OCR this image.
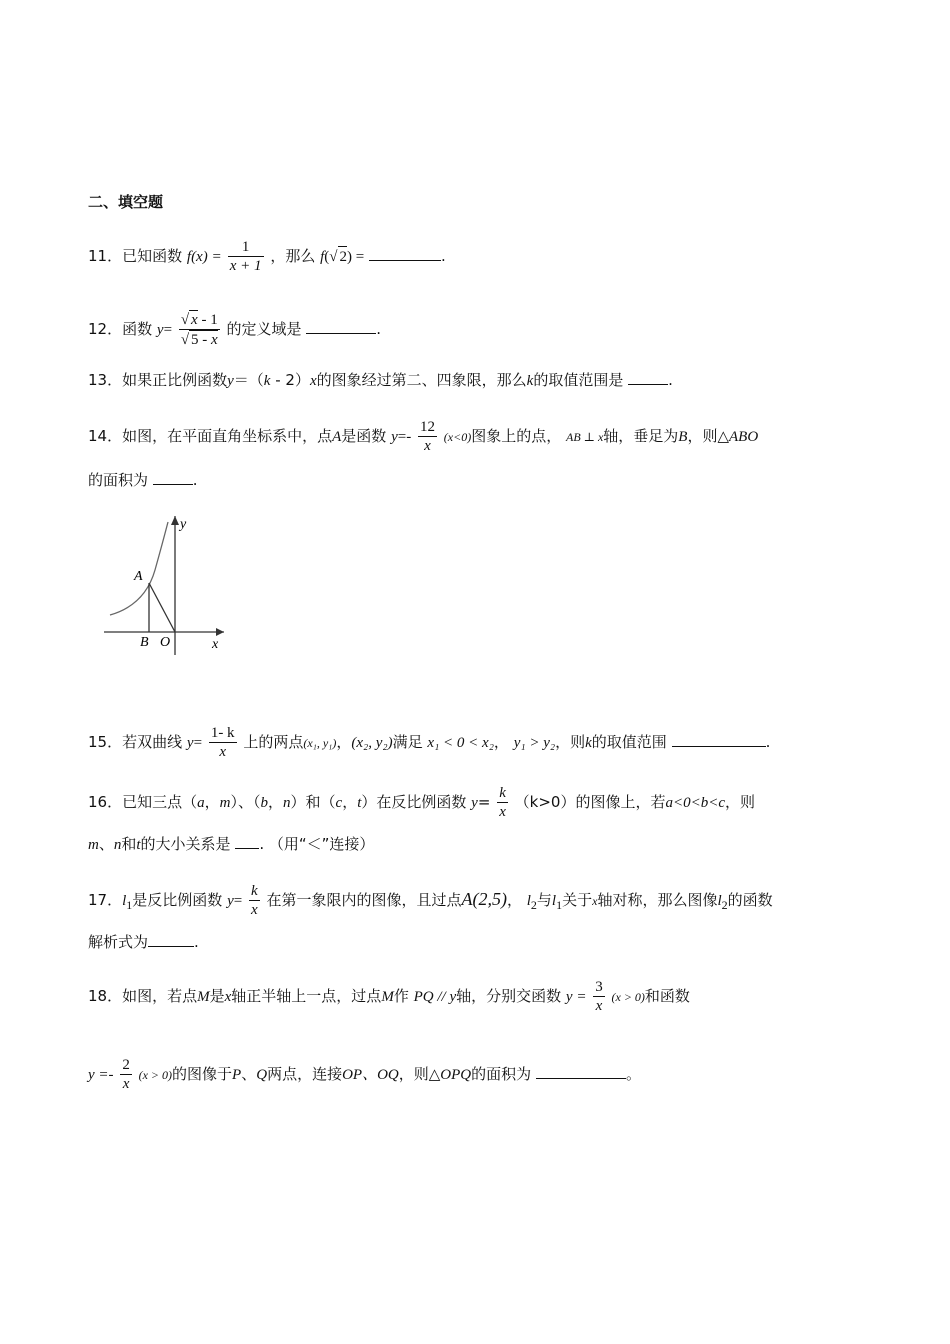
二、填空题
11．已知函数 $f(x) = \frac{1}{x + 1}$ ，那么 f(√ 2) =	.
12．函数 $y= \frac{√ x - 1}{√ 5 - x}$ 的定义域是	.
13．如果正比例函数y＝（k - 2）x的图象经过第二、四象限，那么k的取值范围是	.
14．如图，在平面直角坐标系中，点A是函数 $y=- \frac{12}{x} (x<0)$图象上的点， AB ⊥ x轴，垂足为B，则△ABO
的面积为	.
y
x
A
B O
15．若双曲线 $y= \frac{1- k}{x}$ 上的两点(x₁, y₁)，(x₂, y₂)满足 x₁ < 0 < x₂， y₁ > y₂，则k的取值范围	.
16．已知三点（a，m）、（b，n）和（c，t）在反比例函数 $y= \frac{k}{x} (k>0)$的图像上，若a<0<b<c，则
m、n和t的大小关系是 . （用“＜”连接）
17．$l_1$是反比例函数 $y= \frac{k}{x}$ 在第一象限内的图像，且过点A(2,5)， $l_2$与$l_1$关于x轴对称，那么图像$l_2$的函数
解析式为	.
18．如图，若点M是x轴正半轴上一点，过点M作 PQ // y轴，分别交函数 $y = \frac{3}{x} (x > 0)$和函数
$y =- \frac{2}{x} (x > 0)$的图像于P、Q两点，连接OP、OQ，则△OPQ的面积为	。
